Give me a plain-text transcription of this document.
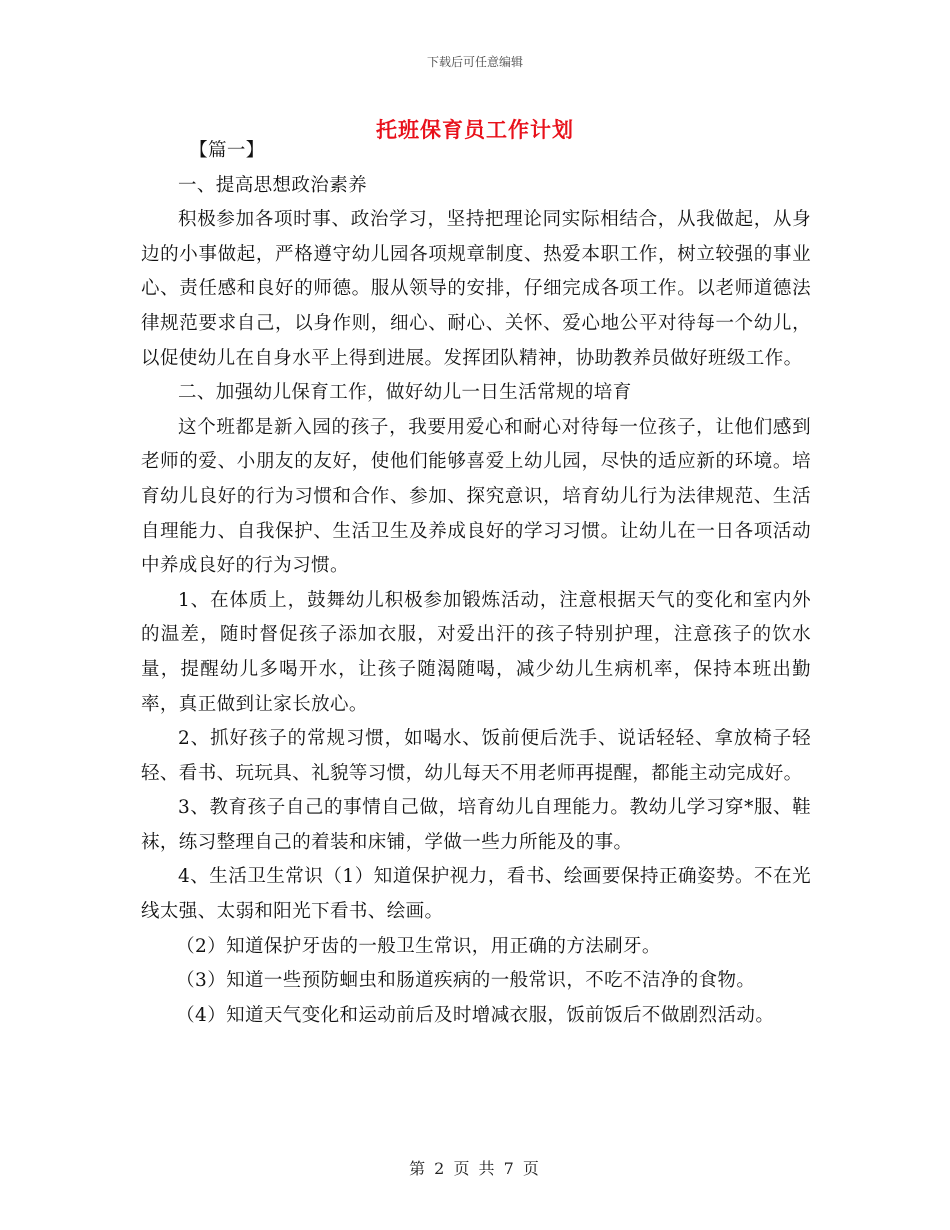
下载后可任意编辑
托班保育员工作计划

【篇一】

一、提高思想政治素养

积极参加各项时事、政治学习，坚持把理论同实际相结合，从我做起，从身边的小事做起，严格遵守幼儿园各项规章制度、热爱本职工作，树立较强的事业心、责任感和良好的师德。服从领导的安排，仔细完成各项工作。以老师道德法律规范要求自己，以身作则，细心、耐心、关怀、爱心地公平对待每一个幼儿，以促使幼儿在自身水平上得到进展。发挥团队精神，协助教养员做好班级工作。

二、加强幼儿保育工作，做好幼儿一日生活常规的培育

这个班都是新入园的孩子，我要用爱心和耐心对待每一位孩子，让他们感到老师的爱、小朋友的友好，使他们能够喜爱上幼儿园，尽快的适应新的环境。培育幼儿良好的行为习惯和合作、参加、探究意识，培育幼儿行为法律规范、生活自理能力、自我保护、生活卫生及养成良好的学习习惯。让幼儿在一日各项活动中养成良好的行为习惯。

1、在体质上，鼓舞幼儿积极参加锻炼活动，注意根据天气的变化和室内外的温差，随时督促孩子添加衣服，对爱出汗的孩子特别护理，注意孩子的饮水量，提醒幼儿多喝开水，让孩子随渴随喝，减少幼儿生病机率，保持本班出勤率，真正做到让家长放心。

2、抓好孩子的常规习惯，如喝水、饭前便后洗手、说话轻轻、拿放椅子轻轻、看书、玩玩具、礼貌等习惯，幼儿每天不用老师再提醒，都能主动完成好。

3、教育孩子自己的事情自己做，培育幼儿自理能力。教幼儿学习穿*服、鞋袜，练习整理自己的着装和床铺，学做一些力所能及的事。

4、生活卫生常识（1）知道保护视力，看书、绘画要保持正确姿势。不在光线太强、太弱和阳光下看书、绘画。

（2）知道保护牙齿的一般卫生常识，用正确的方法刷牙。

（3）知道一些预防蛔虫和肠道疾病的一般常识，不吃不洁净的食物。

（4）知道天气变化和运动前后及时增减衣服，饭前饭后不做剧烈活动。

第 2 页 共 7 页
